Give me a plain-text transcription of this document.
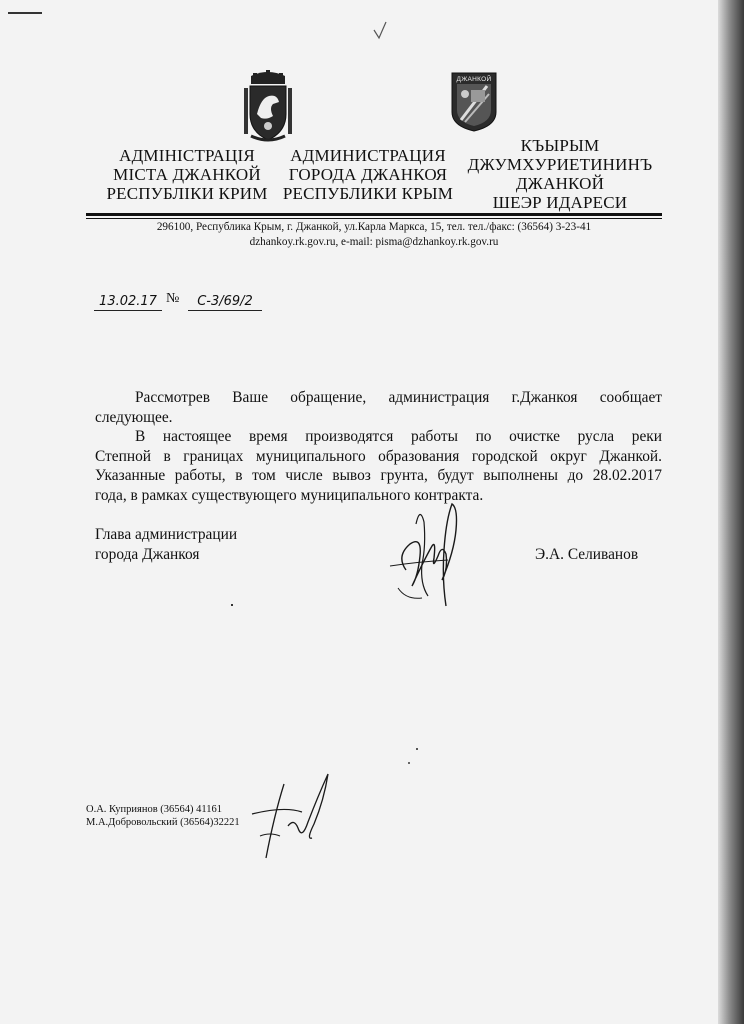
ДЖАНКОЙ
АДМІНІСТРАЦІЯ
МІСТА ДЖАНКОЙ
РЕСПУБЛІКИ КРИМ
АДМИНИСТРАЦИЯ
ГОРОДА ДЖАНКОЯ
РЕСПУБЛИКИ КРЫМ
КЪЫРЫМ
ДЖУМХУРИЕТИНИНЪ
ДЖАНКОЙ
ШЕЭР ИДАРЕСИ
296100, Республика Крым, г. Джанкой, ул.Карла Маркса, 15, тел. тел./факс: (36564) 3-23-41
dzhankoy.rk.gov.ru, e-mail: pisma@dzhankoy.rk.gov.ru
13.02.17 №	С-3/69/2

Рассмотрев Ваше обращение, администрация г.Джанкоя сообщает

следующее.

В настоящее время производятся работы по очистке русла реки

Степной в границах муниципального образования городской округ Джанкой.

Указанные работы, в том числе вывоз грунта, будут выполнены до 28.02.2017

года, в рамках существующего муниципального контракта.

Глава администрации
города Джанкоя	Э.А. Селиванов
О.А. Куприянов (36564) 41161
М.А.Добровольский (36564)32221
